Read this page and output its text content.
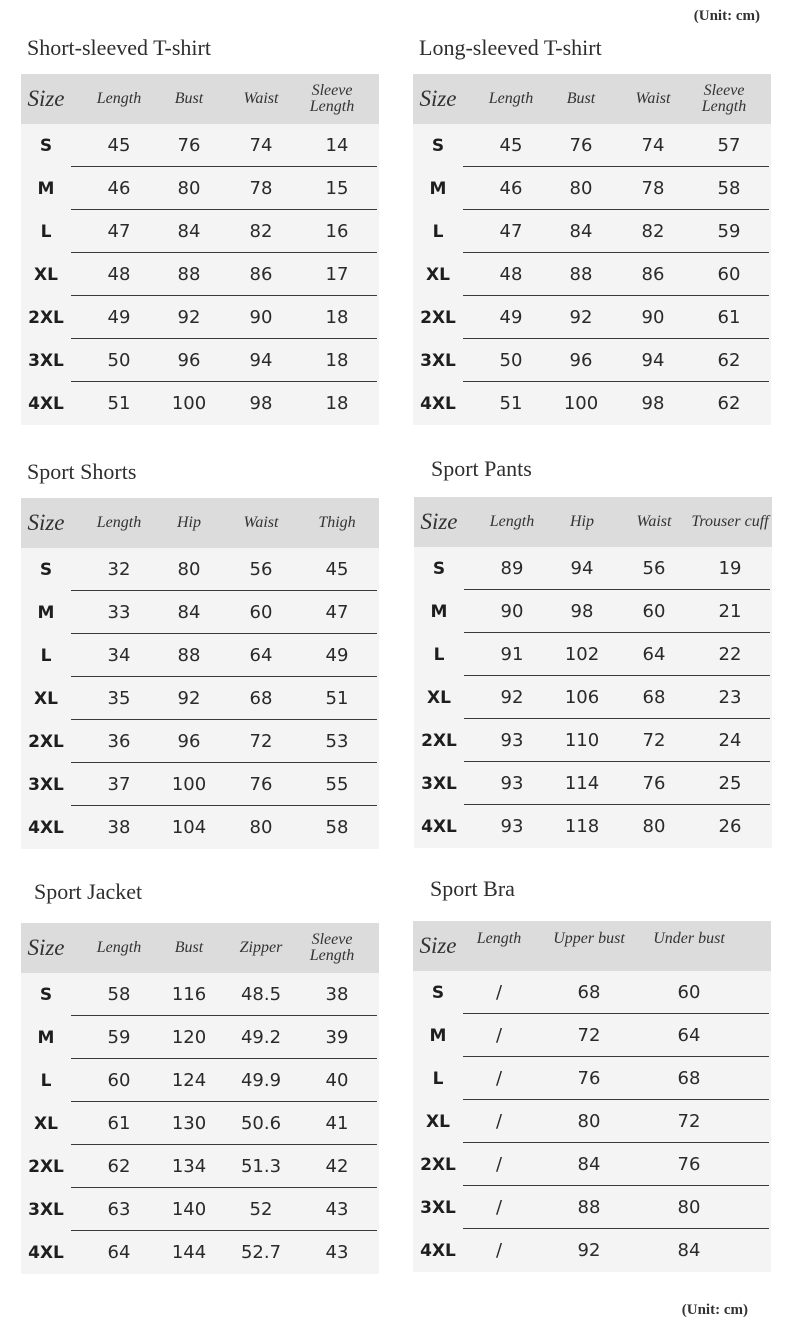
(Unit: cm)
Short-sleeved T-shirt
Size	Length	Bust	Waist	Sleeve Length
S	45	76	74	14
M	46	80	78	15
L	47	84	82	16
XL	48	88	86	17
2XL	49	92	90	18
3XL	50	96	94	18
4XL	51	100	98	18
Long-sleeved T-shirt
Size	Length	Bust	Waist	Sleeve Length
S	45	76	74	57
M	46	80	78	58
L	47	84	82	59
XL	48	88	86	60
2XL	49	92	90	61
3XL	50	96	94	62
4XL	51	100	98	62
Sport Shorts
Size	Length	Hip	Waist	Thigh
S	32	80	56	45
M	33	84	60	47
L	34	88	64	49
XL	35	92	68	51
2XL	36	96	72	53
3XL	37	100	76	55
4XL	38	104	80	58
Sport Pants
Size	Length	Hip	Waist	Trouser cuff
S	89	94	56	19
M	90	98	60	21
L	91	102	64	22
XL	92	106	68	23
2XL	93	110	72	24
3XL	93	114	76	25
4XL	93	118	80	26
Sport Jacket
Size	Length	Bust	Zipper	Sleeve Length
S	58	116	48.5	38
M	59	120	49.2	39
L	60	124	49.9	40
XL	61	130	50.6	41
2XL	62	134	51.3	42
3XL	63	140	52	43
4XL	64	144	52.7	43
Sport Bra
Size	Length	Upper bust	Under bust
S	/	68	60
M	/	72	64
L	/	76	68
XL	/	80	72
2XL	/	84	76
3XL	/	88	80
4XL	/	92	84
(Unit: cm)
